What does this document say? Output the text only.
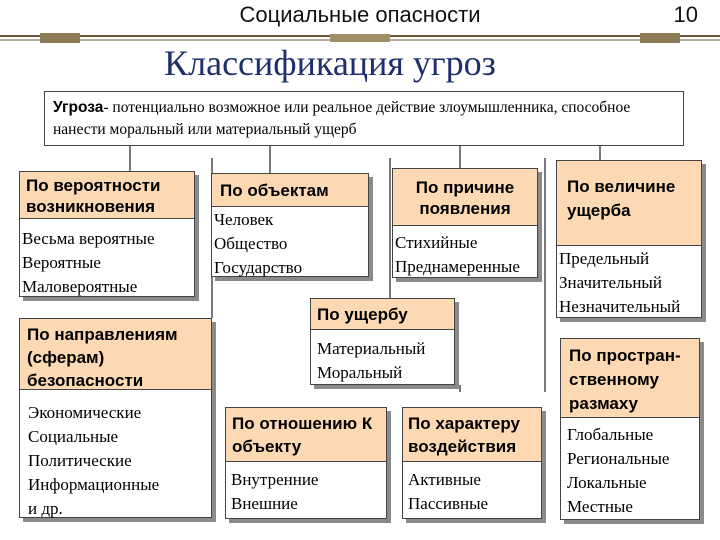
Социальные опасности	10
Классификация угроз
Угроза- потенциально возможное или реальное действие злоумышленника, способное нанести моральный или материальный ущерб
По вероятности возникновения
Весьма вероятные
Вероятные
Маловероятные
По объектам
Человек
Общество
Государство
По причине появления
Стихийные
Преднамеренные
По величине ущерба
Предельный
Значительный
Незначительный
По направлениям (сферам) безопасности
Экономические
Социальные
Политические
Информационные
и др.
По ущербу
Материальный
Моральный
По отношению К объекту
Внутренние
Внешние
По характеру воздействия
Активные
Пассивные
По простран-ственному размаху
Глобальные
Региональные
Локальные
Местные
